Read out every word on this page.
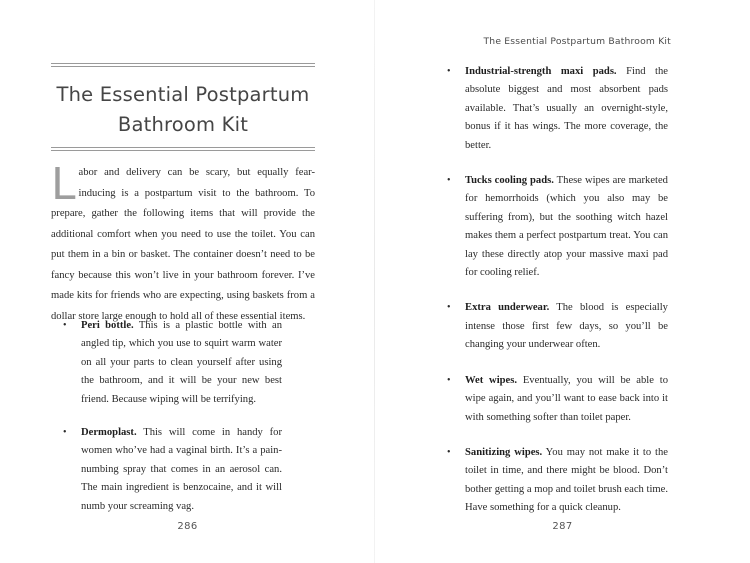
The Essential Postpartum
Bathroom Kit

Labor and delivery can be scary, but equally fear-inducing is a postpartum visit to the bathroom. To prepare, gather the following items that will provide the additional comfort when you need to use the toilet. You can put them in a bin or basket. The container doesn’t need to be fancy because this won’t live in your bathroom forever. I’ve made kits for friends who are expecting, using baskets from a dollar store large enough to hold all of these essential items.

• Peri bottle. This is a plastic bottle with an angled tip, which you use to squirt warm water on all your parts to clean yourself after using the bathroom, and it will be your new best friend. Because wiping will be terrifying.
• Dermoplast. This will come in handy for women who’ve had a vaginal birth. It’s a pain-numbing spray that comes in an aerosol can. The main ingredient is benzocaine, and it will numb your screaming vag.
286
The Essential Postpartum Bathroom Kit
• Industrial-strength maxi pads. Find the absolute biggest and most absorbent pads available. That’s usually an overnight-style, bonus if it has wings. The more coverage, the better.
• Tucks cooling pads. These wipes are marketed for hemorrhoids (which you also may be suffering from), but the soothing witch hazel makes them a perfect postpartum treat. You can lay these directly atop your massive maxi pad for cooling relief.
• Extra underwear. The blood is especially intense those first few days, so you’ll be changing your underwear often.
• Wet wipes. Eventually, you will be able to wipe again, and you’ll want to ease back into it with something softer than toilet paper.
• Sanitizing wipes. You may not make it to the toilet in time, and there might be blood. Don’t bother getting a mop and toilet brush each time. Have something for a quick cleanup.
287
